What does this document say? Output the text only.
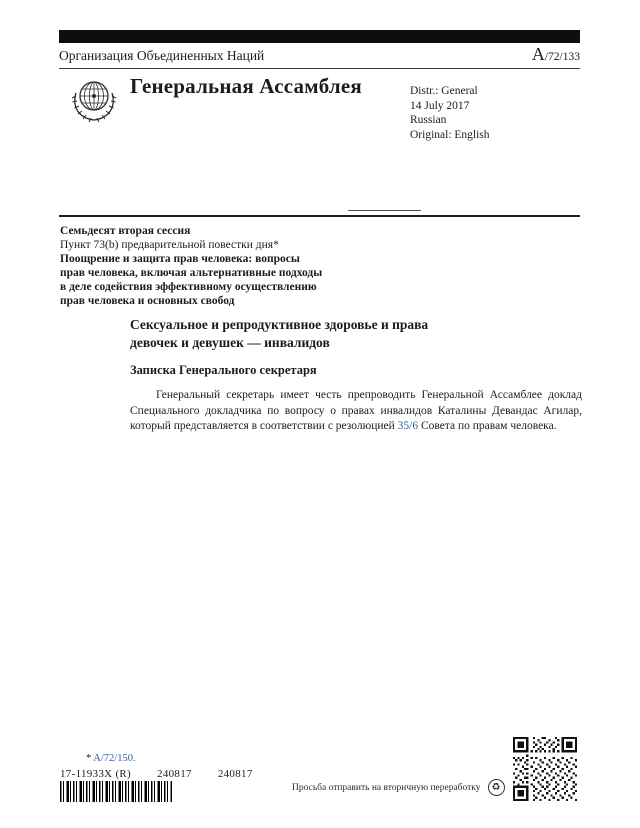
Организация Объединенных Наций	A/72/133
Генеральная Ассамблея	Distr.: General
14 July 2017
Russian
Original: English

Семьдесят вторая сессия

Пункт 73(b) предварительной повестки дня*

Поощрение и защита прав человека: вопросы прав человека, включая альтернативные подходы в деле содействия эффективному осуществлению прав человека и основных свобод

Сексуальное и репродуктивное здоровье и права девочек и девушек — инвалидов
Записка Генерального секретаря

Генеральный секретарь имеет честь препроводить Генеральной Ассамблее доклад Специального докладчика по вопросу о правах инвалидов Каталины Девандас Агилар, который представляется в соответствии с резолюцией 35/6 Совета по правам человека.

* A/72/150.
17-11933X (R) 240817 240817
Просьба отправить на вторичную переработку	♻
